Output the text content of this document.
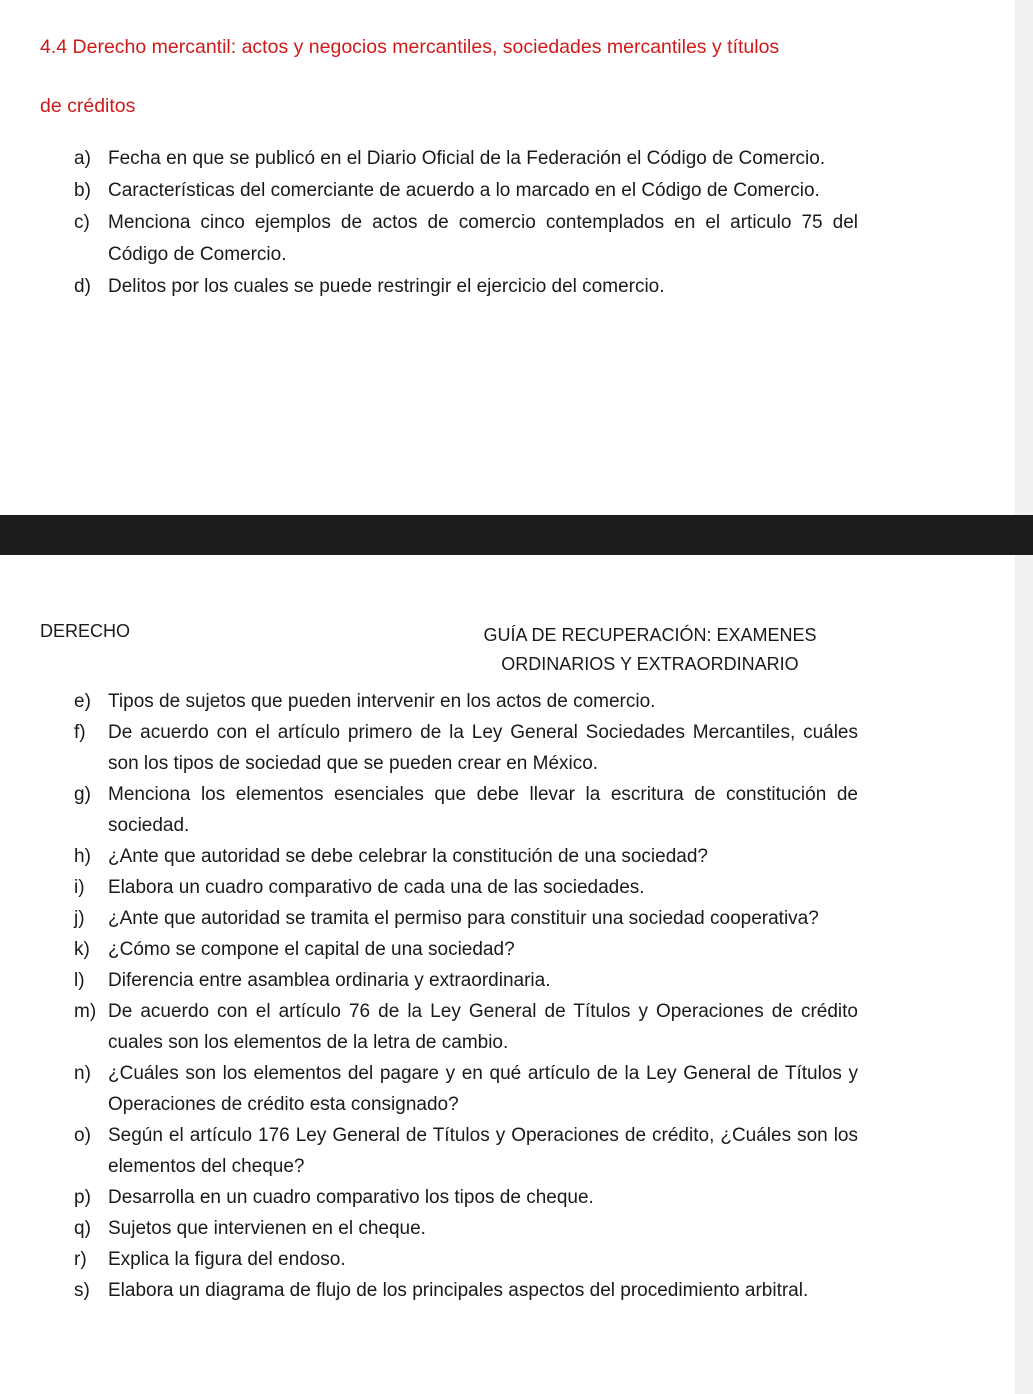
4.4 Derecho mercantil: actos y negocios mercantiles, sociedades mercantiles y títulos
de créditos
a) Fecha en que se publicó en el Diario Oficial de la Federación el Código de Comercio.
b) Características del comerciante de acuerdo a lo marcado en el Código de Comercio.
c) Menciona cinco ejemplos de actos de comercio contemplados en el articulo 75 del Código de Comercio.
d) Delitos por los cuales se puede restringir el ejercicio del comercio.
DERECHO	GUÍA DE RECUPERACIÓN: EXAMENES
ORDINARIOS Y EXTRAORDINARIO
e) Tipos de sujetos que pueden intervenir en los actos de comercio.
f) De acuerdo con el artículo primero de la Ley General Sociedades Mercantiles, cuáles son los tipos de sociedad que se pueden crear en México.
g) Menciona los elementos esenciales que debe llevar la escritura de constitución de sociedad.
h) ¿Ante que autoridad se debe celebrar la constitución de una sociedad?
i) Elabora un cuadro comparativo de cada una de las sociedades.
j) ¿Ante que autoridad se tramita el permiso para constituir una sociedad cooperativa?
k) ¿Cómo se compone el capital de una sociedad?
l) Diferencia entre asamblea ordinaria y extraordinaria.
m) De acuerdo con el artículo 76 de la Ley General de Títulos y Operaciones de crédito cuales son los elementos de la letra de cambio.
n) ¿Cuáles son los elementos del pagare y en qué artículo de la Ley General de Títulos y Operaciones de crédito esta consignado?
o) Según el artículo 176 Ley General de Títulos y Operaciones de crédito, ¿Cuáles son los elementos del cheque?
p) Desarrolla en un cuadro comparativo los tipos de cheque.
q) Sujetos que intervienen en el cheque.
r) Explica la figura del endoso.
s) Elabora un diagrama de flujo de los principales aspectos del procedimiento arbitral.
